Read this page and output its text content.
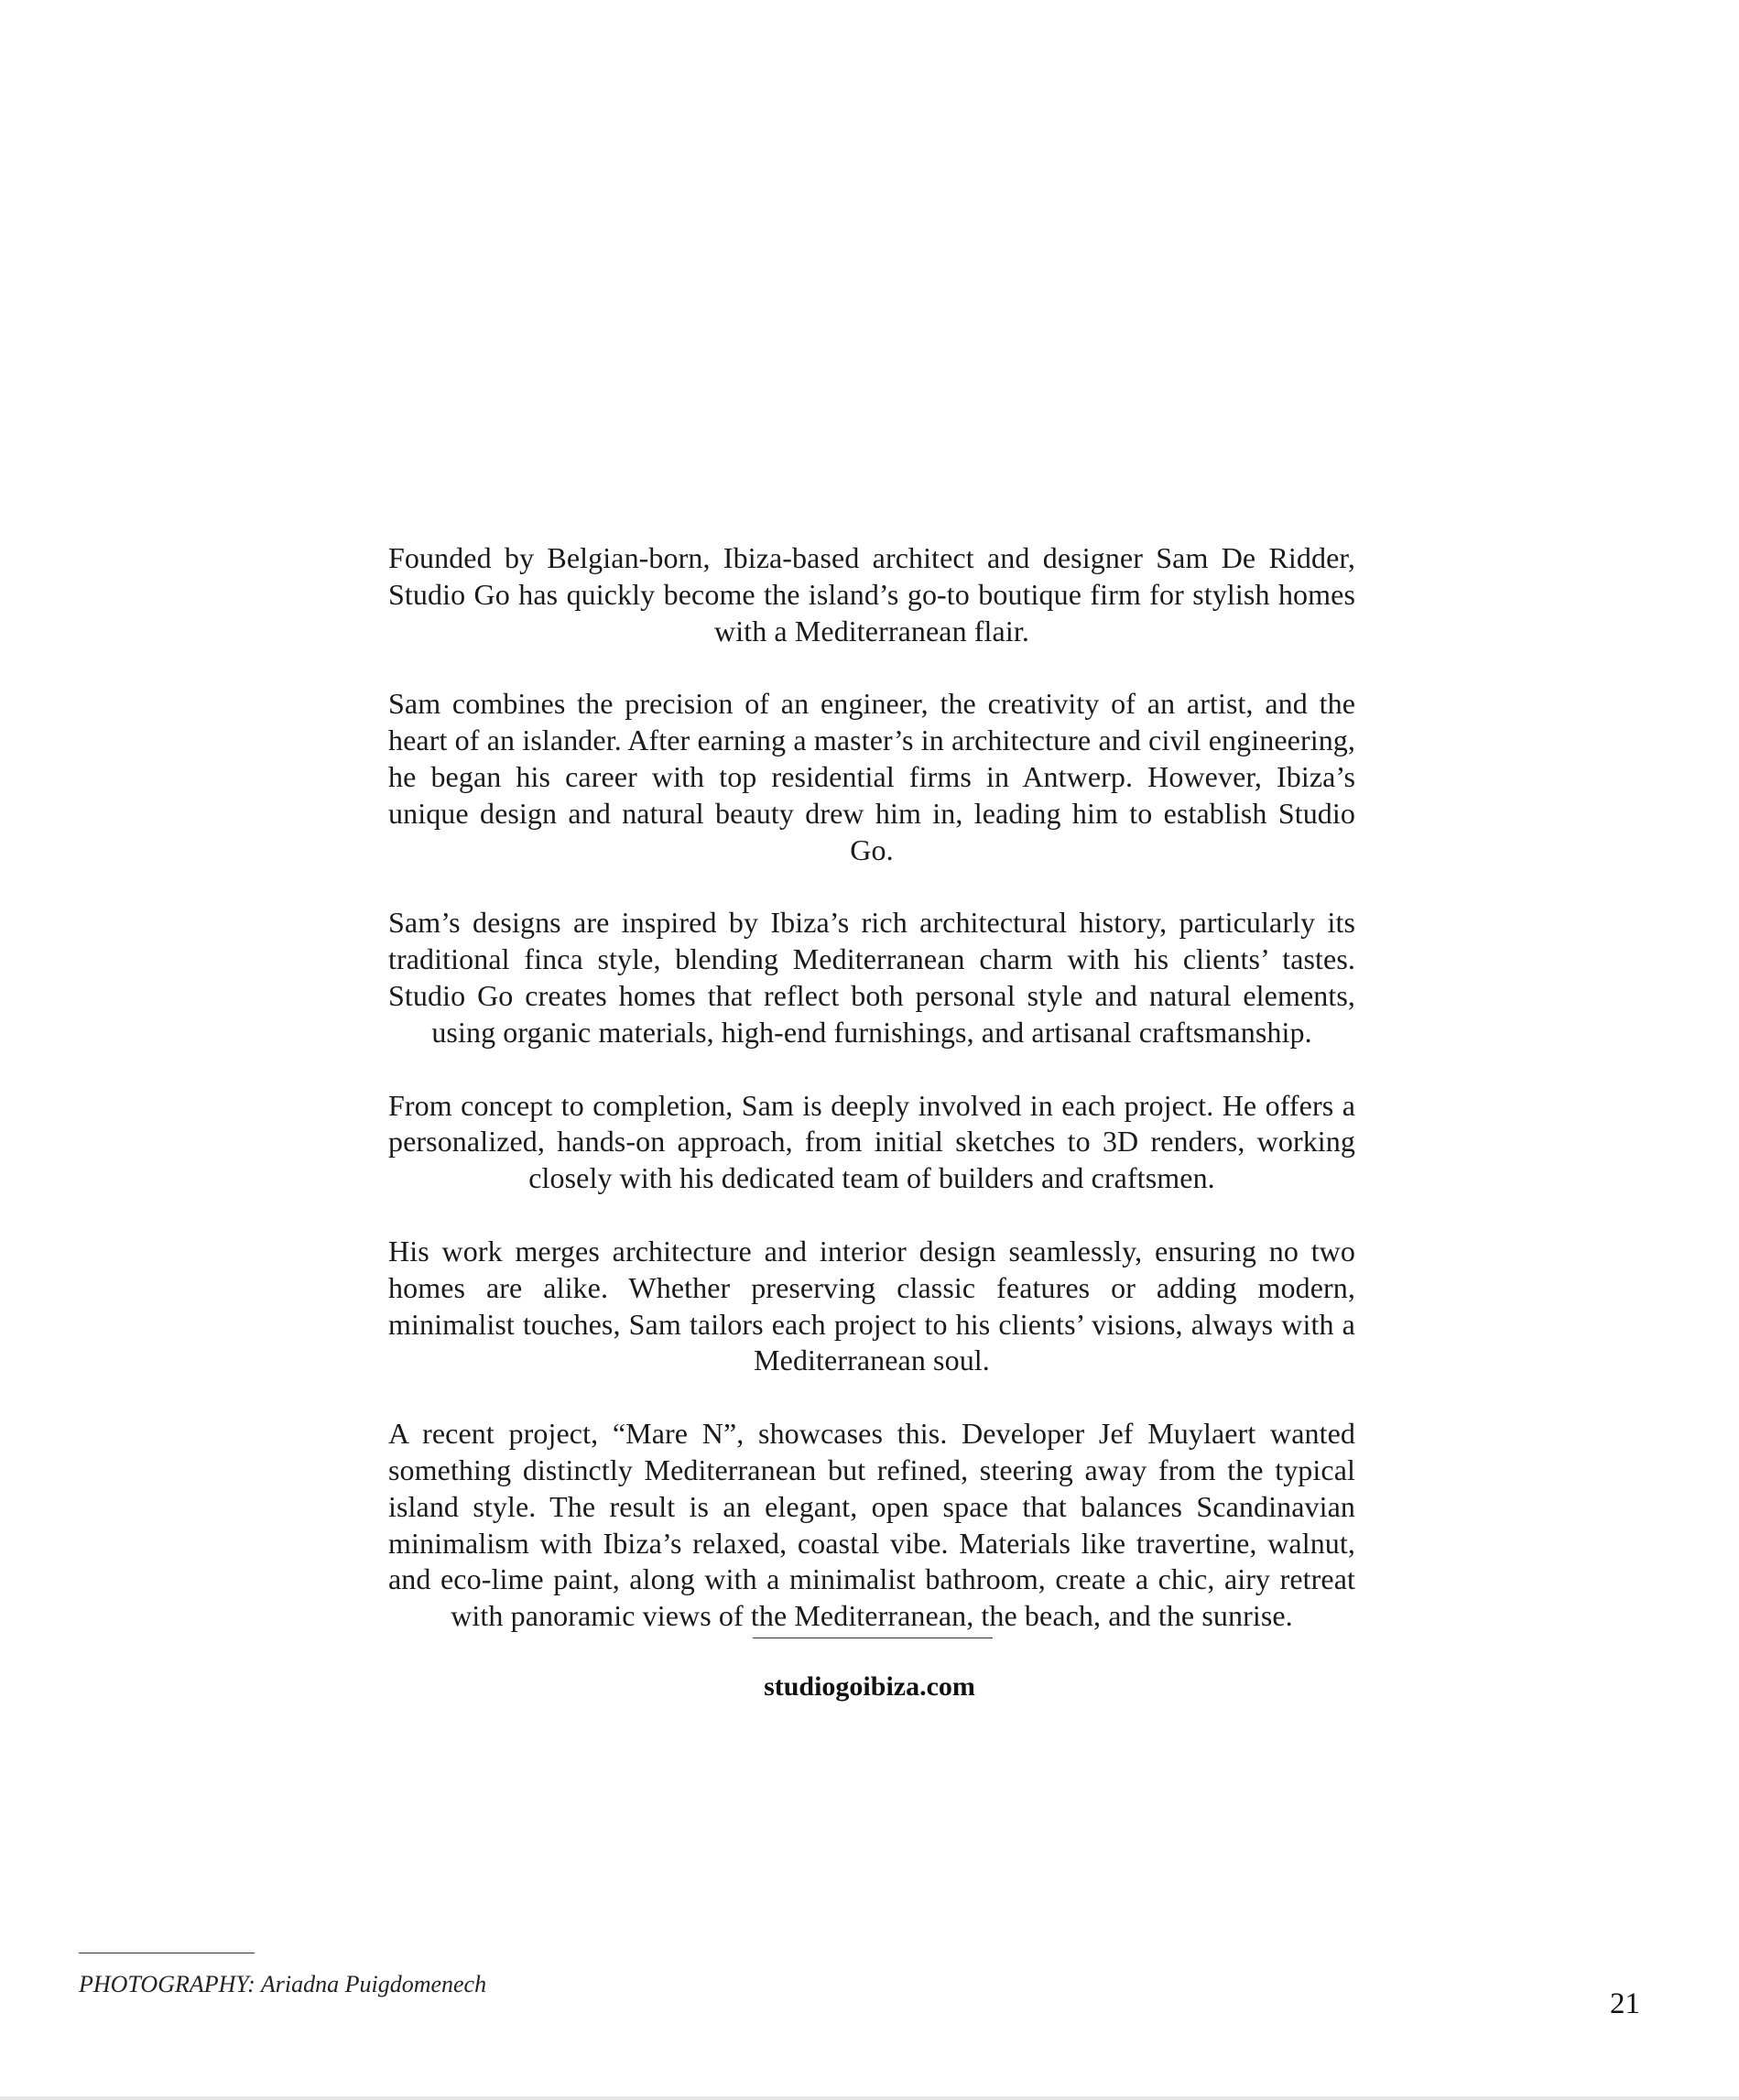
Founded by Belgian-born, Ibiza-based architect and designer Sam De Ridder, Studio Go has quickly become the island’s go-to boutique firm for stylish homes with a Mediterranean flair.

Sam combines the precision of an engineer, the creativity of an artist, and the heart of an islander. After earning a master’s in architecture and civil engineering, he began his career with top residential firms in Antwerp. However, Ibiza’s unique design and natural beauty drew him in, leading him to establish Studio Go.

Sam’s designs are inspired by Ibiza’s rich architectural history, particularly its traditional finca style, blending Mediterranean charm with his clients’ tastes. Studio Go creates homes that reflect both personal style and natural elements, using organic materials, high-end furnishings, and artisanal craftsmanship.

From concept to completion, Sam is deeply involved in each project. He offers a personalized, hands-on approach, from initial sketches to 3D renders, working closely with his dedicated team of builders and craftsmen.

His work merges architecture and interior design seamlessly, ensuring no two homes are alike. Whether preserving classic features or adding modern, minimalist touches, Sam tailors each project to his clients’ visions, always with a Mediterranean soul.

A recent project, “Mare N”, showcases this. Developer Jef Muylaert wanted something distinctly Mediterranean but refined, steering away from the typical island style. The result is an elegant, open space that balances Scandinavian minimalism with Ibiza’s relaxed, coastal vibe. Materials like travertine, walnut, and eco-lime paint, along with a minimalist bathroom, create a chic, airy retreat with panoramic views of the Mediterranean, the beach, and the sunrise.

studiogoibiza.com
PHOTOGRAPHY: Ariadna Puigdomenech
21
